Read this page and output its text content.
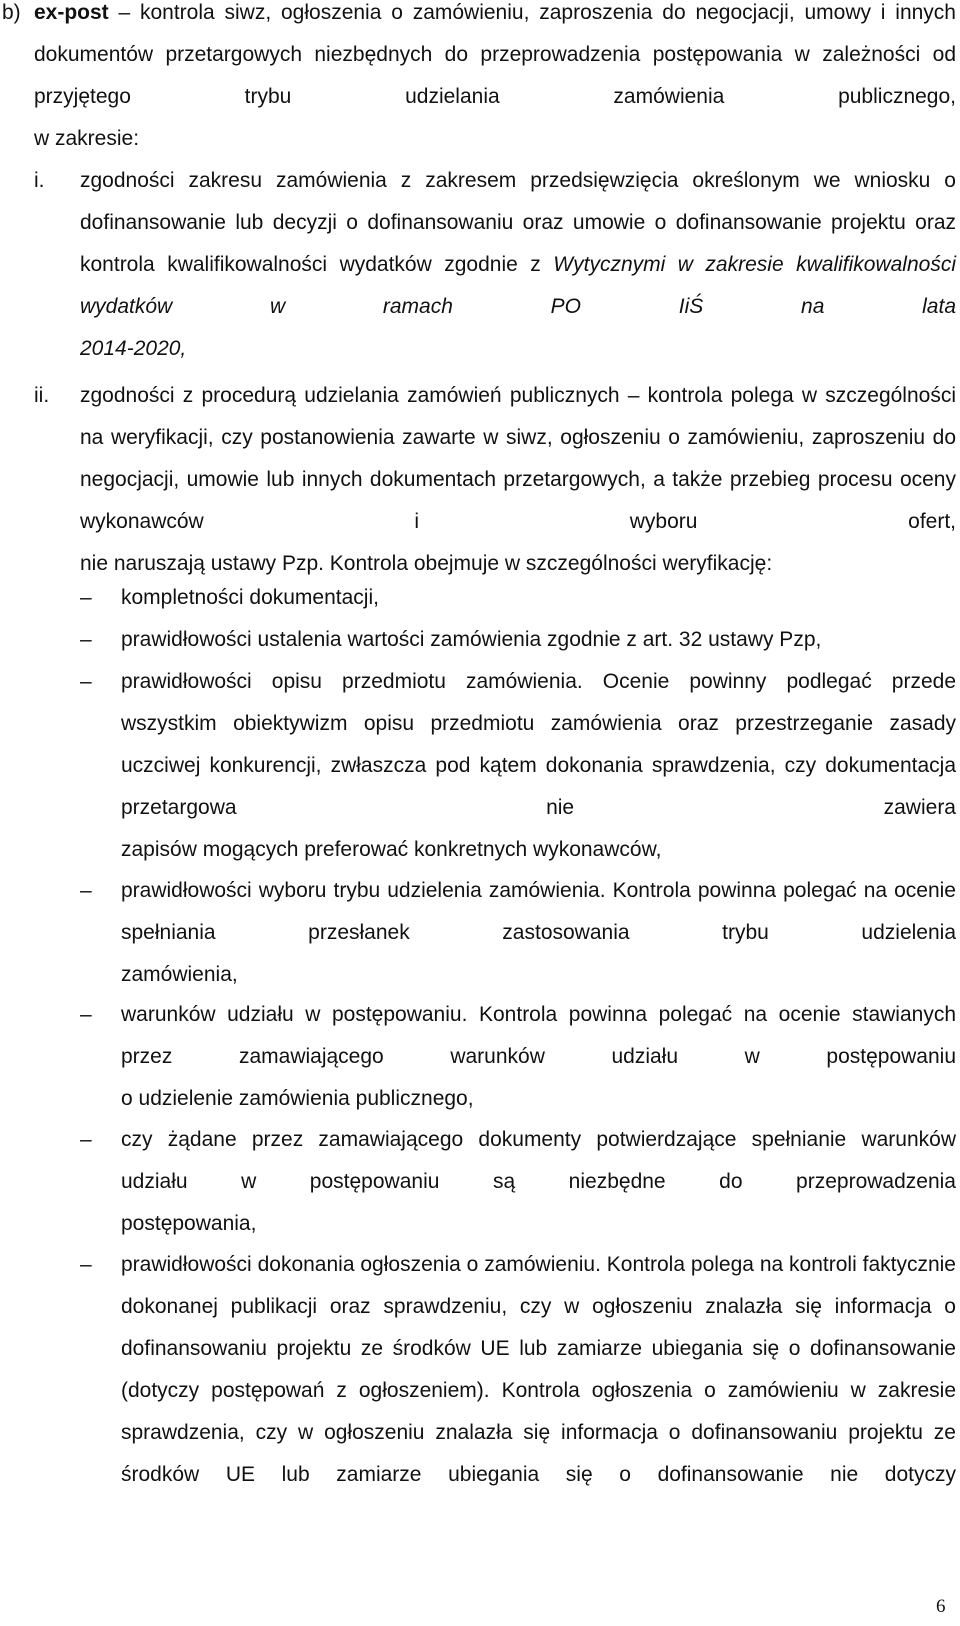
b) ex-post – kontrola siwz, ogłoszenia o zamówieniu, zaproszenia do negocjacji, umowy i innych dokumentów przetargowych niezbędnych do przeprowadzenia postępowania w zależności od przyjętego trybu udzielania zamówienia publicznego,
w zakresie:
i. zgodności zakresu zamówienia z zakresem przedsięwzięcia określonym we wniosku o dofinansowanie lub decyzji o dofinansowaniu oraz umowie o dofinansowanie projektu oraz kontrola kwalifikowalności wydatków zgodnie z Wytycznymi w zakresie kwalifikowalności wydatków w ramach PO IiŚ na lata
2014-2020,
ii. zgodności z procedurą udzielania zamówień publicznych – kontrola polega w szczególności na weryfikacji, czy postanowienia zawarte w siwz, ogłoszeniu o zamówieniu, zaproszeniu do negocjacji, umowie lub innych dokumentach przetargowych, a także przebieg procesu oceny wykonawców i wyboru ofert,
nie naruszają ustawy Pzp. Kontrola obejmuje w szczególności weryfikację:
– kompletności dokumentacji,
– prawidłowości ustalenia wartości zamówienia zgodnie z art. 32 ustawy Pzp,
– prawidłowości opisu przedmiotu zamówienia. Ocenie powinny podlegać przede wszystkim obiektywizm opisu przedmiotu zamówienia oraz przestrzeganie zasady uczciwej konkurencji, zwłaszcza pod kątem dokonania sprawdzenia, czy dokumentacja przetargowa nie zawiera
zapisów mogących preferować konkretnych wykonawców,
– prawidłowości wyboru trybu udzielenia zamówienia. Kontrola powinna polegać na ocenie spełniania przesłanek zastosowania trybu udzielenia
zamówienia,
– warunków udziału w postępowaniu. Kontrola powinna polegać na ocenie stawianych przez zamawiającego warunków udziału w postępowaniu
o udzielenie zamówienia publicznego,
– czy żądane przez zamawiającego dokumenty potwierdzające spełnianie warunków udziału w postępowaniu są niezbędne do przeprowadzenia
postępowania,
– prawidłowości dokonania ogłoszenia o zamówieniu. Kontrola polega na kontroli faktycznie dokonanej publikacji oraz sprawdzeniu, czy w ogłoszeniu znalazła się informacja o dofinansowaniu projektu ze środków UE lub zamiarze ubiegania się o dofinansowanie (dotyczy postępowań z ogłoszeniem). Kontrola ogłoszenia o zamówieniu w zakresie sprawdzenia, czy w ogłoszeniu znalazła się informacja o dofinansowaniu projektu ze środków UE lub zamiarze ubiegania się o dofinansowanie nie dotyczy
6
